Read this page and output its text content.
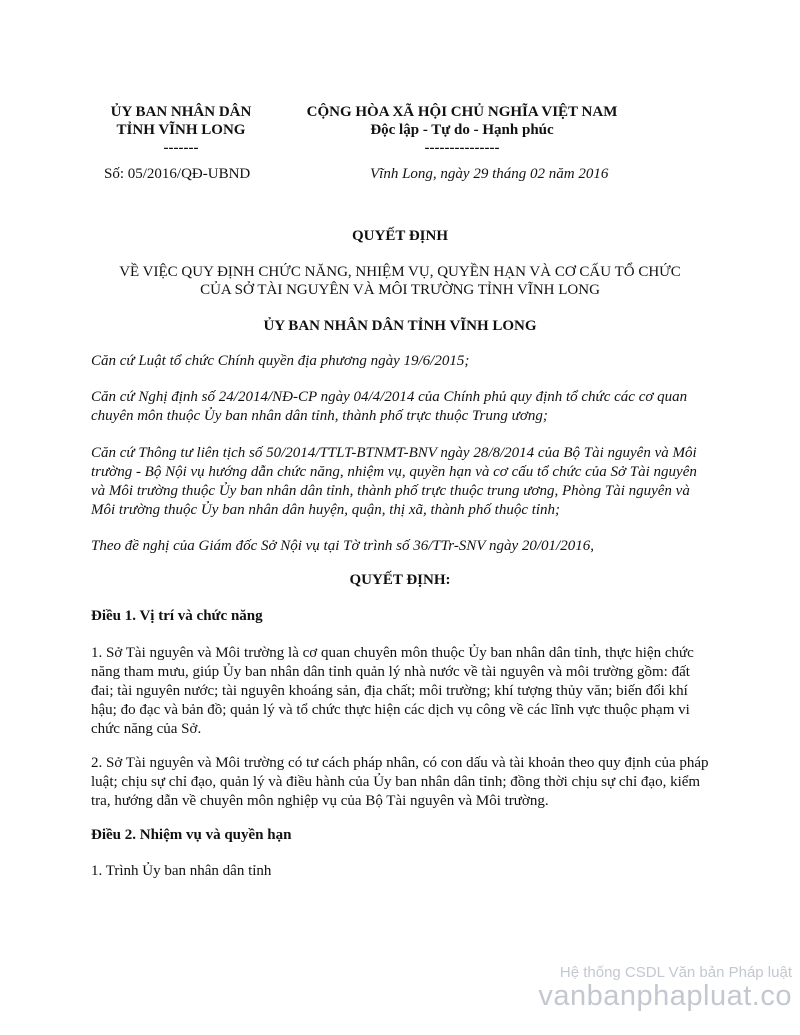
ỦY BAN NHÂN DÂN
TỈNH VĨNH LONG
-------
Số: 05/2016/QĐ-UBND
CỘNG HÒA XÃ HỘI CHỦ NGHĨA VIỆT NAM
Độc lập - Tự do - Hạnh phúc
---------------
Vĩnh Long, ngày 29 tháng 02 năm 2016
QUYẾT ĐỊNH
VỀ VIỆC QUY ĐỊNH CHỨC NĂNG, NHIỆM VỤ, QUYỀN HẠN VÀ CƠ CẤU TỔ CHỨC
CỦA SỞ TÀI NGUYÊN VÀ MÔI TRƯỜNG TỈNH VĨNH LONG
ỦY BAN NHÂN DÂN TỈNH VĨNH LONG

Căn cứ Luật tổ chức Chính quyền địa phương ngày 19/6/2015;

Căn cứ Nghị định số 24/2014/NĐ-CP ngày 04/4/2014 của Chính phủ quy định tổ chức các cơ quan chuyên môn thuộc Ủy ban nhân dân tỉnh, thành phố trực thuộc Trung ương;

Căn cứ Thông tư liên tịch số 50/2014/TTLT-BTNMT-BNV ngày 28/8/2014 của Bộ Tài nguyên và Môi trường - Bộ Nội vụ hướng dẫn chức năng, nhiệm vụ, quyền hạn và cơ cấu tổ chức của Sở Tài nguyên và Môi trường thuộc Ủy ban nhân dân tỉnh, thành phố trực thuộc trung ương, Phòng Tài nguyên và Môi trường thuộc Ủy ban nhân dân huyện, quận, thị xã, thành phố thuộc tỉnh;

Theo đề nghị của Giám đốc Sở Nội vụ tại Tờ trình số 36/TTr-SNV ngày 20/01/2016,

QUYẾT ĐỊNH:

Điều 1. Vị trí và chức năng

1. Sở Tài nguyên và Môi trường là cơ quan chuyên môn thuộc Ủy ban nhân dân tỉnh, thực hiện chức năng tham mưu, giúp Ủy ban nhân dân tỉnh quản lý nhà nước về tài nguyên và môi trường gồm: đất đai; tài nguyên nước; tài nguyên khoáng sản, địa chất; môi trường; khí tượng thủy văn; biến đổi khí hậu; đo đạc và bản đồ; quản lý và tổ chức thực hiện các dịch vụ công về các lĩnh vực thuộc phạm vi chức năng của Sở.

2. Sở Tài nguyên và Môi trường có tư cách pháp nhân, có con dấu và tài khoản theo quy định của pháp luật; chịu sự chỉ đạo, quản lý và điều hành của Ủy ban nhân dân tỉnh; đồng thời chịu sự chỉ đạo, kiểm tra, hướng dẫn về chuyên môn nghiệp vụ của Bộ Tài nguyên và Môi trường.

Điều 2. Nhiệm vụ và quyền hạn

1. Trình Ủy ban nhân dân tỉnh

Hệ thống CSDL Văn bản Pháp luật

vanbanphapluat.co
